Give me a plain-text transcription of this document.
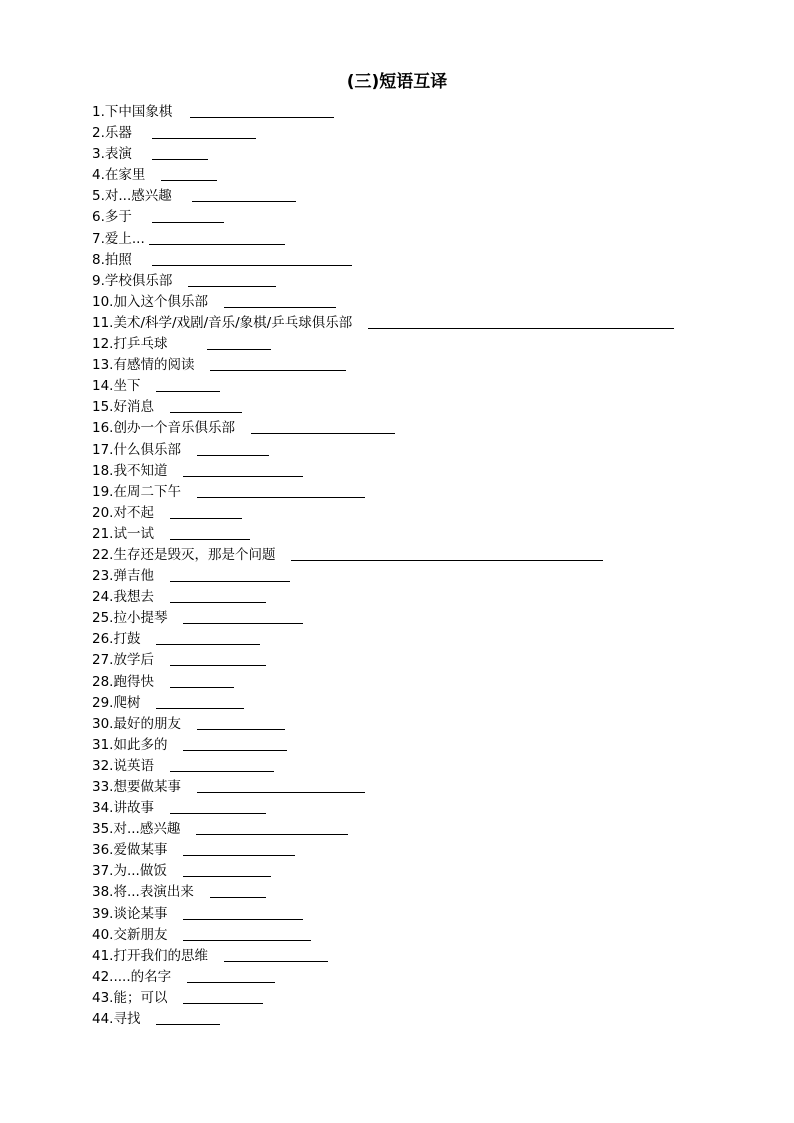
(三)短语互译
1.下中国象棋
2.乐器
3.表演
4.在家里
5.对...感兴趣
6.多于
7.爱上...
8.拍照
9.学校俱乐部
10.加入这个俱乐部
11.美术/科学/戏剧/音乐/象棋/乒乓球俱乐部
12.打乒乓球
13.有感情的阅读
14.坐下
15.好消息
16.创办一个音乐俱乐部
17.什么俱乐部
18.我不知道
19.在周二下午
20.对不起
21.试一试
22.生存还是毁灭，那是个问题
23.弹吉他
24.我想去
25.拉小提琴
26.打鼓
27.放学后
28.跑得快
29.爬树
30.最好的朋友
31.如此多的
32.说英语
33.想要做某事
34.讲故事
35.对...感兴趣
36.爱做某事
37.为...做饭
38.将...表演出来
39.谈论某事
40.交新朋友
41.打开我们的思维
42.....的名字
43.能；可以
44.寻找
